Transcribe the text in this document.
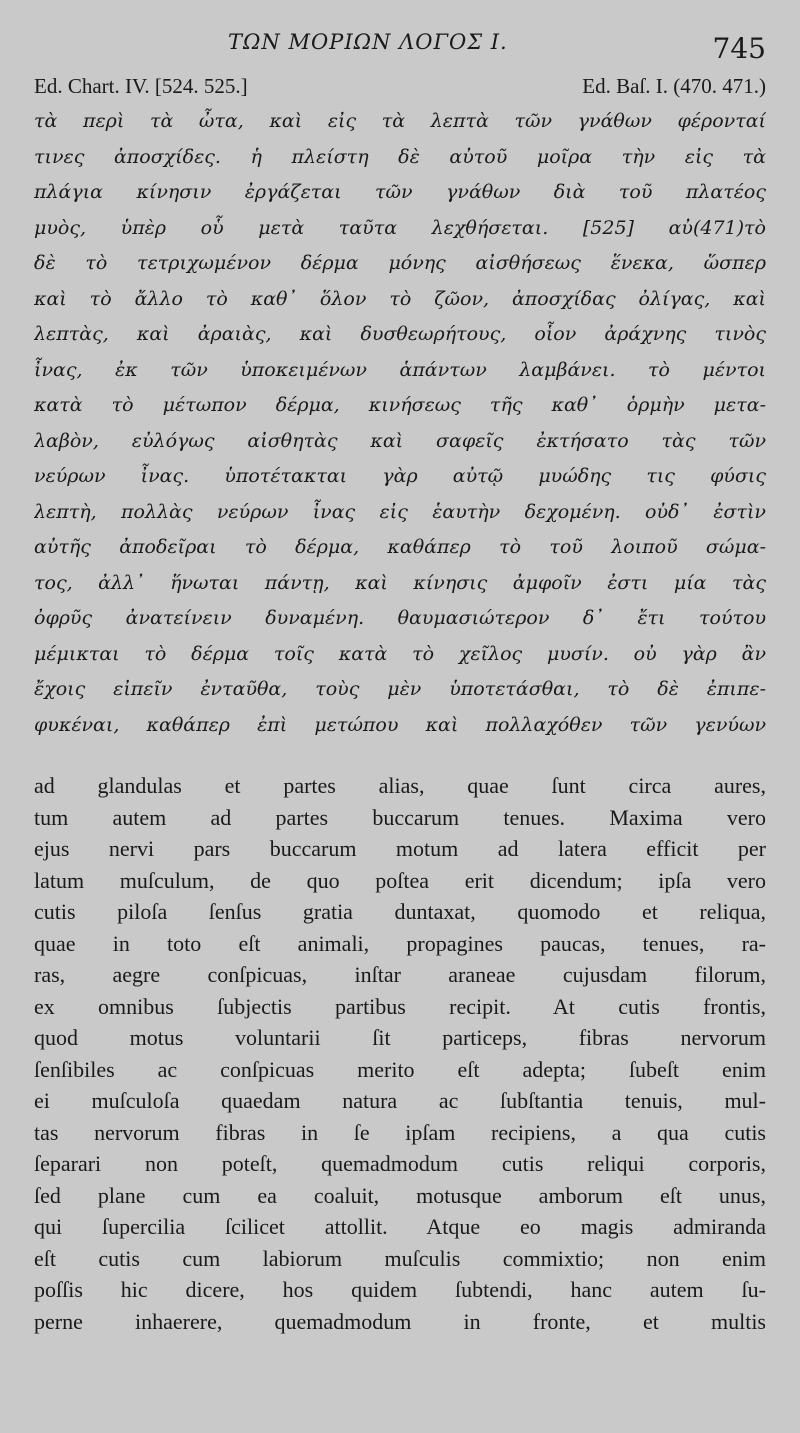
ΤΩΝ ΜΟΡΙΩΝ ΛΟΓΟΣ Ι.	745
Ed. Chart. IV. [524. 525.]	Ed. Baſ. I. (470. 471.)
τὰ περὶ τὰ ὦτα, καὶ εἰς τὰ λεπτὰ τῶν γνάθων φέρονταί
τινες ἀποσχίδες. ἡ πλείστη δὲ αὐτοῦ μοῖρα τὴν εἰς τὰ
πλάγια κίνησιν ἐργάζεται τῶν γνάθων διὰ τοῦ πλατέος
μυὸς, ὑπὲρ οὗ μετὰ ταῦτα λεχθήσεται. [525] αὐ(471)τὸ
δὲ τὸ τετριχωμένον δέρμα μόνης αἰσθήσεως ἕνεκα, ὥσπερ
καὶ τὸ ἄλλο τὸ καθ᾽ ὅλον τὸ ζῶον, ἀποσχίδας ὀλίγας, καὶ
λεπτὰς, καὶ ἀραιὰς, καὶ δυσθεωρήτους, οἷον ἀράχνης τινὸς
ἶνας, ἐκ τῶν ὑποκειμένων ἁπάντων λαμβάνει. τὸ μέντοι
κατὰ τὸ μέτωπον δέρμα, κινήσεως τῆς καθ᾽ ὁρμὴν μετα-
λαβὸν, εὐλόγως αἰσθητὰς καὶ σαφεῖς ἐκτήσατο τὰς τῶν
νεύρων ἶνας. ὑποτέτακται γὰρ αὐτῷ μυώδης τις φύσις
λεπτὴ, πολλὰς νεύρων ἶνας εἰς ἑαυτὴν δεχομένη. οὐδ᾽ ἐστὶν
αὐτῆς ἀποδεῖραι τὸ δέρμα, καθάπερ τὸ τοῦ λοιποῦ σώμα-
τος, ἀλλ᾽ ἥνωται πάντῃ, καὶ κίνησις ἀμφοῖν ἐστι μία τὰς
ὀφρῦς ἀνατείνειν δυναμένη. θαυμασιώτερον δ᾽ ἔτι τούτου
μέμικται τὸ δέρμα τοῖς κατὰ τὸ χεῖλος μυσίν. οὐ γὰρ ἂν
ἔχοις εἰπεῖν ἐνταῦθα, τοὺς μὲν ὑποτετάσθαι, τὸ δὲ ἐπιπε-
φυκέναι, καθάπερ ἐπὶ μετώπου καὶ πολλαχόθεν τῶν γενύων
ad glandulas et partes alias, quae ſunt circa aures,
tum autem ad partes buccarum tenues. Maxima vero
ejus nervi pars buccarum motum ad latera efficit per
latum muſculum, de quo poſtea erit dicendum; ipſa vero
cutis piloſa ſenſus gratia duntaxat, quomodo et reliqua,
quae in toto eſt animali, propagines paucas, tenues, ra-
ras, aegre conſpicuas, inſtar araneae cujusdam filorum,
ex omnibus ſubjectis partibus recipit. At cutis frontis,
quod motus voluntarii ſit particeps, fibras nervorum
ſenſibiles ac conſpicuas merito eſt adepta; ſubeſt enim
ei muſculoſa quaedam natura ac ſubſtantia tenuis, mul-
tas nervorum fibras in ſe ipſam recipiens, a qua cutis
ſeparari non poteſt, quemadmodum cutis reliqui corporis,
ſed plane cum ea coaluit, motusque amborum eſt unus,
qui ſupercilia ſcilicet attollit. Atque eo magis admiranda
eſt cutis cum labiorum muſculis commixtio; non enim
poſſis hic dicere, hos quidem ſubtendi, hanc autem ſu-
perne inhaerere, quemadmodum in fronte, et multis
